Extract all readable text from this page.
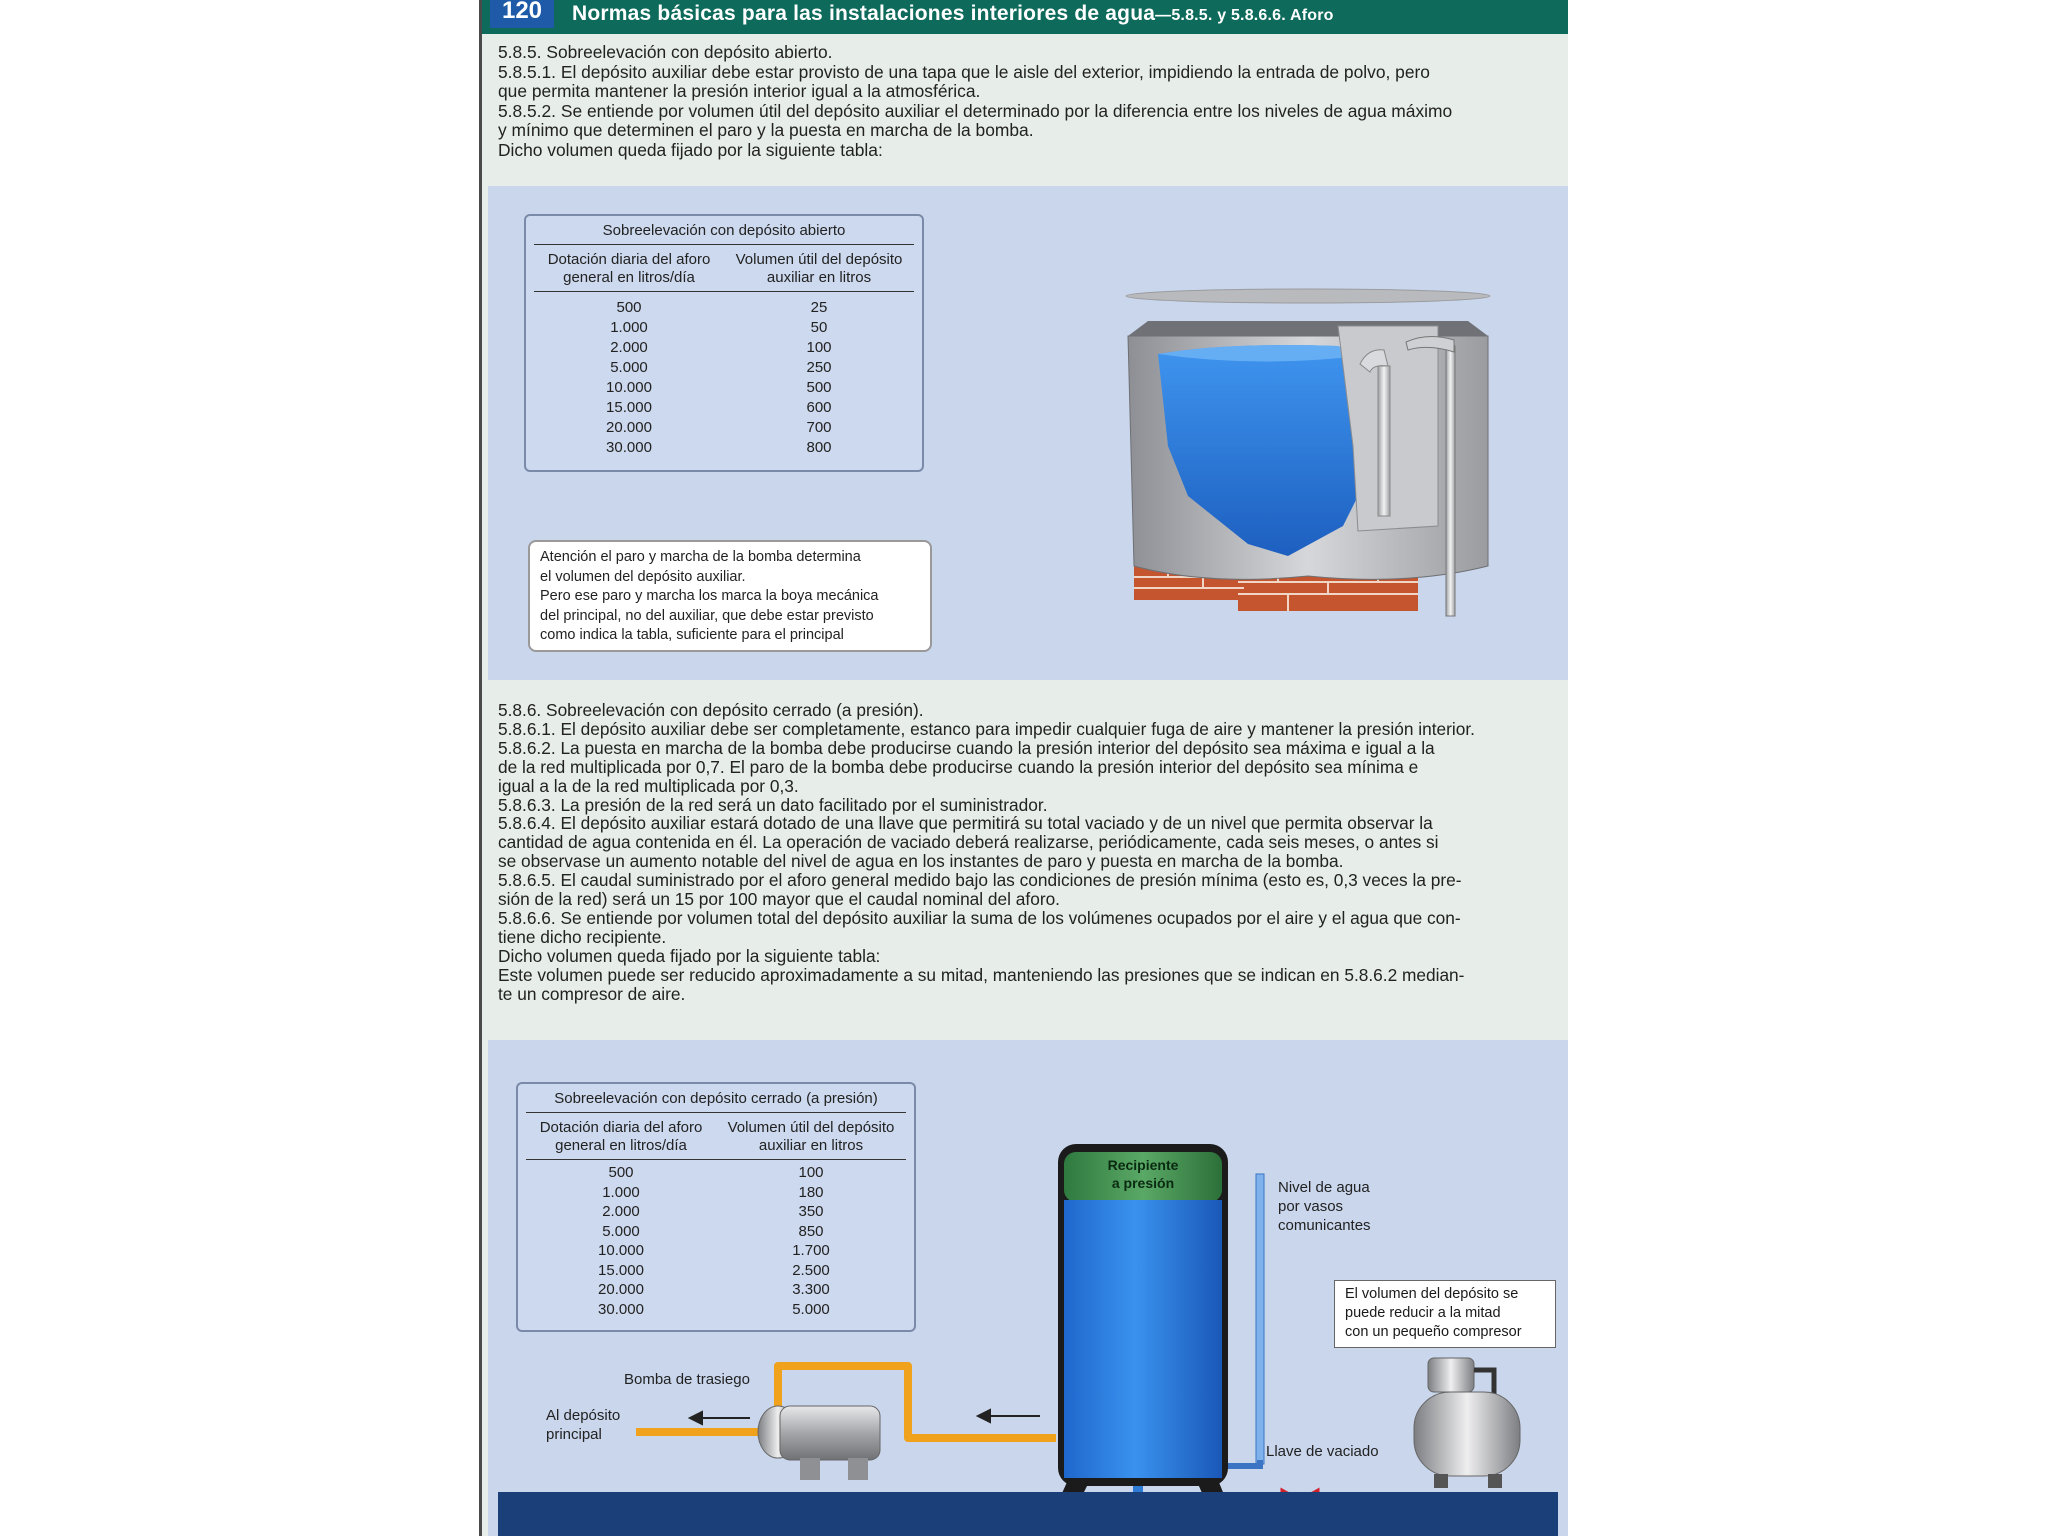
120	Normas básicas para las instalaciones interiores de agua—5.8.5. y 5.8.6.6. Aforo

5.8.5. Sobreelevación con depósito abierto.

5.8.5.1. El depósito auxiliar debe estar provisto de una tapa que le aisle del exterior, impidiendo la entrada de polvo, pero

que permita mantener la presión interior igual a la atmosférica.

5.8.5.2. Se entiende por volumen útil del depósito auxiliar el determinado por la diferencia entre los niveles de agua máximo

y mínimo que determinen el paro y la puesta en marcha de la bomba.

Dicho volumen queda fijado por la siguiente tabla:

Sobreelevación con depósito abierto
Dotación diaria del aforo
general en litros/día
Volumen útil del depósito
auxiliar en litros
500	25
1.000	50
2.000	100
5.000	250
10.000	500
15.000	600
20.000	700
30.000	800

Atención el paro y marcha de la bomba determina

el volumen del depósito auxiliar.

Pero ese paro y marcha los marca la boya mecánica

del principal, no del auxiliar, que debe estar previsto

como indica la tabla, suficiente para el principal

5.8.6. Sobreelevación con depósito cerrado (a presión).

5.8.6.1. El depósito auxiliar debe ser completamente, estanco para impedir cualquier fuga de aire y mantener la presión interior.

5.8.6.2. La puesta en marcha de la bomba debe producirse cuando la presión interior del depósito sea máxima e igual a la

de la red multiplicada por 0,7. El paro de la bomba debe producirse cuando la presión interior del depósito sea mínima e

igual a la de la red multiplicada por 0,3.

5.8.6.3. La presión de la red será un dato facilitado por el suministrador.

5.8.6.4. El depósito auxiliar estará dotado de una llave que permitirá su total vaciado y de un nivel que permita observar la

cantidad de agua contenida en él. La operación de vaciado deberá realizarse, periódicamente, cada seis meses, o antes si

se observase un aumento notable del nivel de agua en los instantes de paro y puesta en marcha de la bomba.

5.8.6.5. El caudal suministrado por el aforo general medido bajo las condiciones de presión mínima (esto es, 0,3 veces la pre-

sión de la red) será un 15 por 100 mayor que el caudal nominal del aforo.

5.8.6.6. Se entiende por volumen total del depósito auxiliar la suma de los volúmenes ocupados por el aire y el agua que con-

tiene dicho recipiente.

Dicho volumen queda fijado por la siguiente tabla:

Este volumen puede ser reducido aproximadamente a su mitad, manteniendo las presiones que se indican en 5.8.6.2 median-

te un compresor de aire.

Sobreelevación con depósito cerrado (a presión)
Dotación diaria del aforo
general en litros/día
Volumen útil del depósito
auxiliar en litros
500	100
1.000	180
2.000	350
5.000	850
10.000	1.700
15.000	2.500
20.000	3.300
30.000	5.000
Recipiente
a presión	Nivel de agua
por vasos
comunicantes

El volumen del depósito se

puede reducir a la mitad

con un pequeño compresor

Bomba de trasiego
Al depósito
principal
Llave de vaciado
